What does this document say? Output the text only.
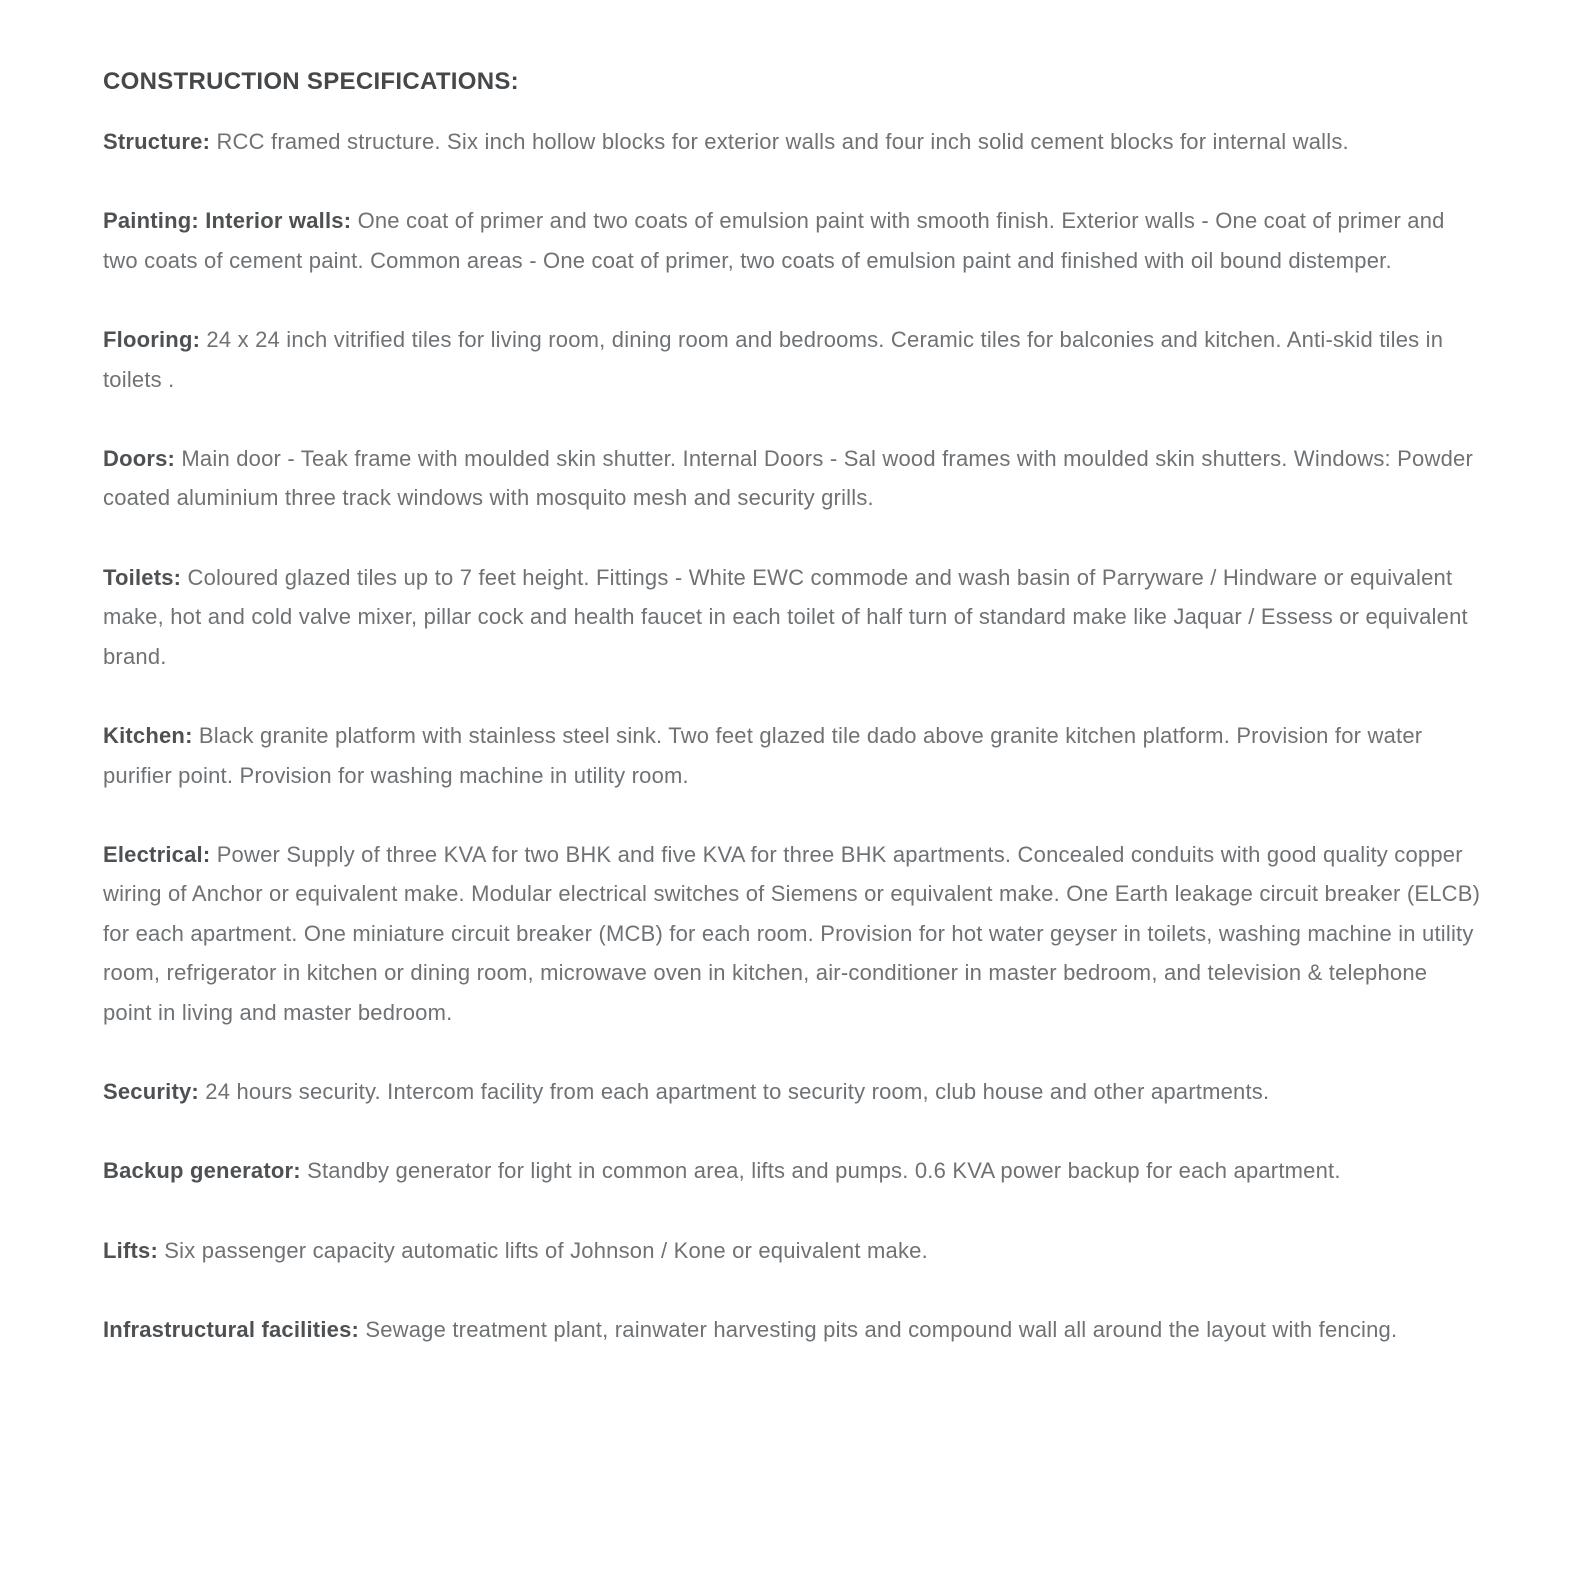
CONSTRUCTION SPECIFICATIONS:

Structure: RCC framed structure. Six inch hollow blocks for exterior walls and four inch solid cement blocks for internal walls.

Painting: Interior walls: One coat of primer and two coats of emulsion paint with smooth finish. Exterior walls - One coat of primer and two coats of cement paint. Common areas - One coat of primer, two coats of emulsion paint and finished with oil bound distemper.

Flooring: 24 x 24 inch vitrified tiles for living room, dining room and bedrooms. Ceramic tiles for balconies and kitchen. Anti-skid tiles in toilets .

Doors: Main door - Teak frame with moulded skin shutter. Internal Doors - Sal wood frames with moulded skin shutters. Windows: Powder coated aluminium three track windows with mosquito mesh and security grills.

Toilets: Coloured glazed tiles up to 7 feet height. Fittings - White EWC commode and wash basin of Parryware / Hindware or equivalent make, hot and cold valve mixer, pillar cock and health faucet in each toilet of half turn of standard make like Jaquar / Essess or equivalent brand.

Kitchen: Black granite platform with stainless steel sink. Two feet glazed tile dado above granite kitchen platform. Provision for water purifier point. Provision for washing machine in utility room.

Electrical: Power Supply of three KVA for two BHK and five KVA for three BHK apartments. Concealed conduits with good quality copper wiring of Anchor or equivalent make. Modular electrical switches of Siemens or equivalent make. One Earth leakage circuit breaker (ELCB) for each apartment. One miniature circuit breaker (MCB) for each room. Provision for hot water geyser in toilets, washing machine in utility room, refrigerator in kitchen or dining room, microwave oven in kitchen, air-conditioner in master bedroom, and television & telephone point in living and master bedroom.

Security: 24 hours security. Intercom facility from each apartment to security room, club house and other apartments.

Backup generator: Standby generator for light in common area, lifts and pumps. 0.6 KVA power backup for each apartment.

Lifts: Six passenger capacity automatic lifts of Johnson / Kone or equivalent make.

Infrastructural facilities: Sewage treatment plant, rainwater harvesting pits and compound wall all around the layout with fencing.
